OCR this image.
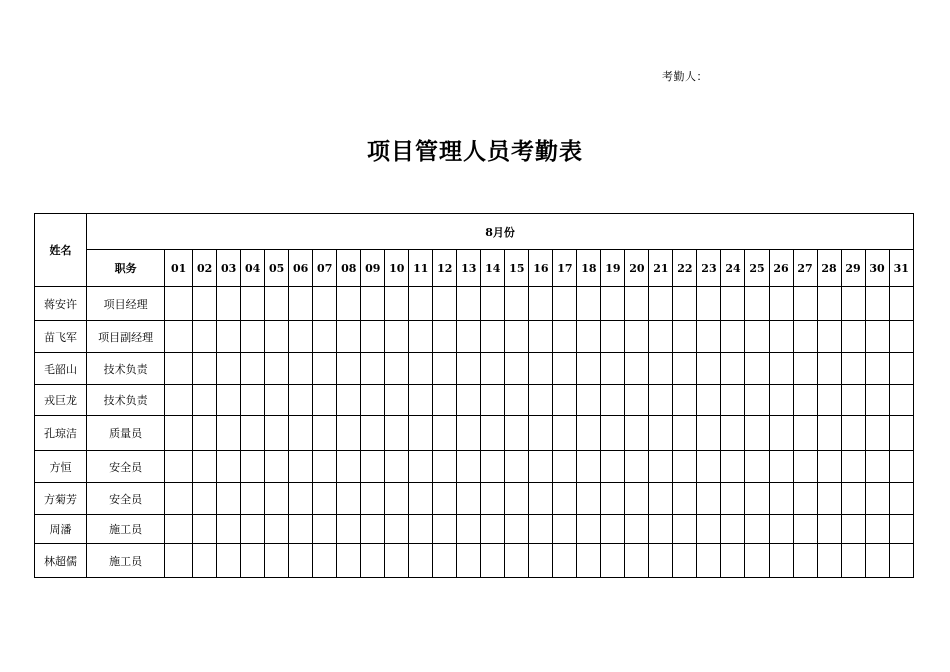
考勤人：
项目管理人员考勤表
姓名	8月份																															
	职务	01	02	03	04	05	06	07	08	09	10	11	12	13	14	15	16	17	18	19	20	21	22	23	24	25	26	27	28	29	30	31
蒋安许	项目经理																															
苗飞军	项目副经理																															
毛韶山	技术负责																															
戎巨龙	技术负责																															
孔琼洁	质量员																															
方恒	安全员																															
方菊芳	安全员																															
周潘	施工员																															
林超儒	施工员																															
